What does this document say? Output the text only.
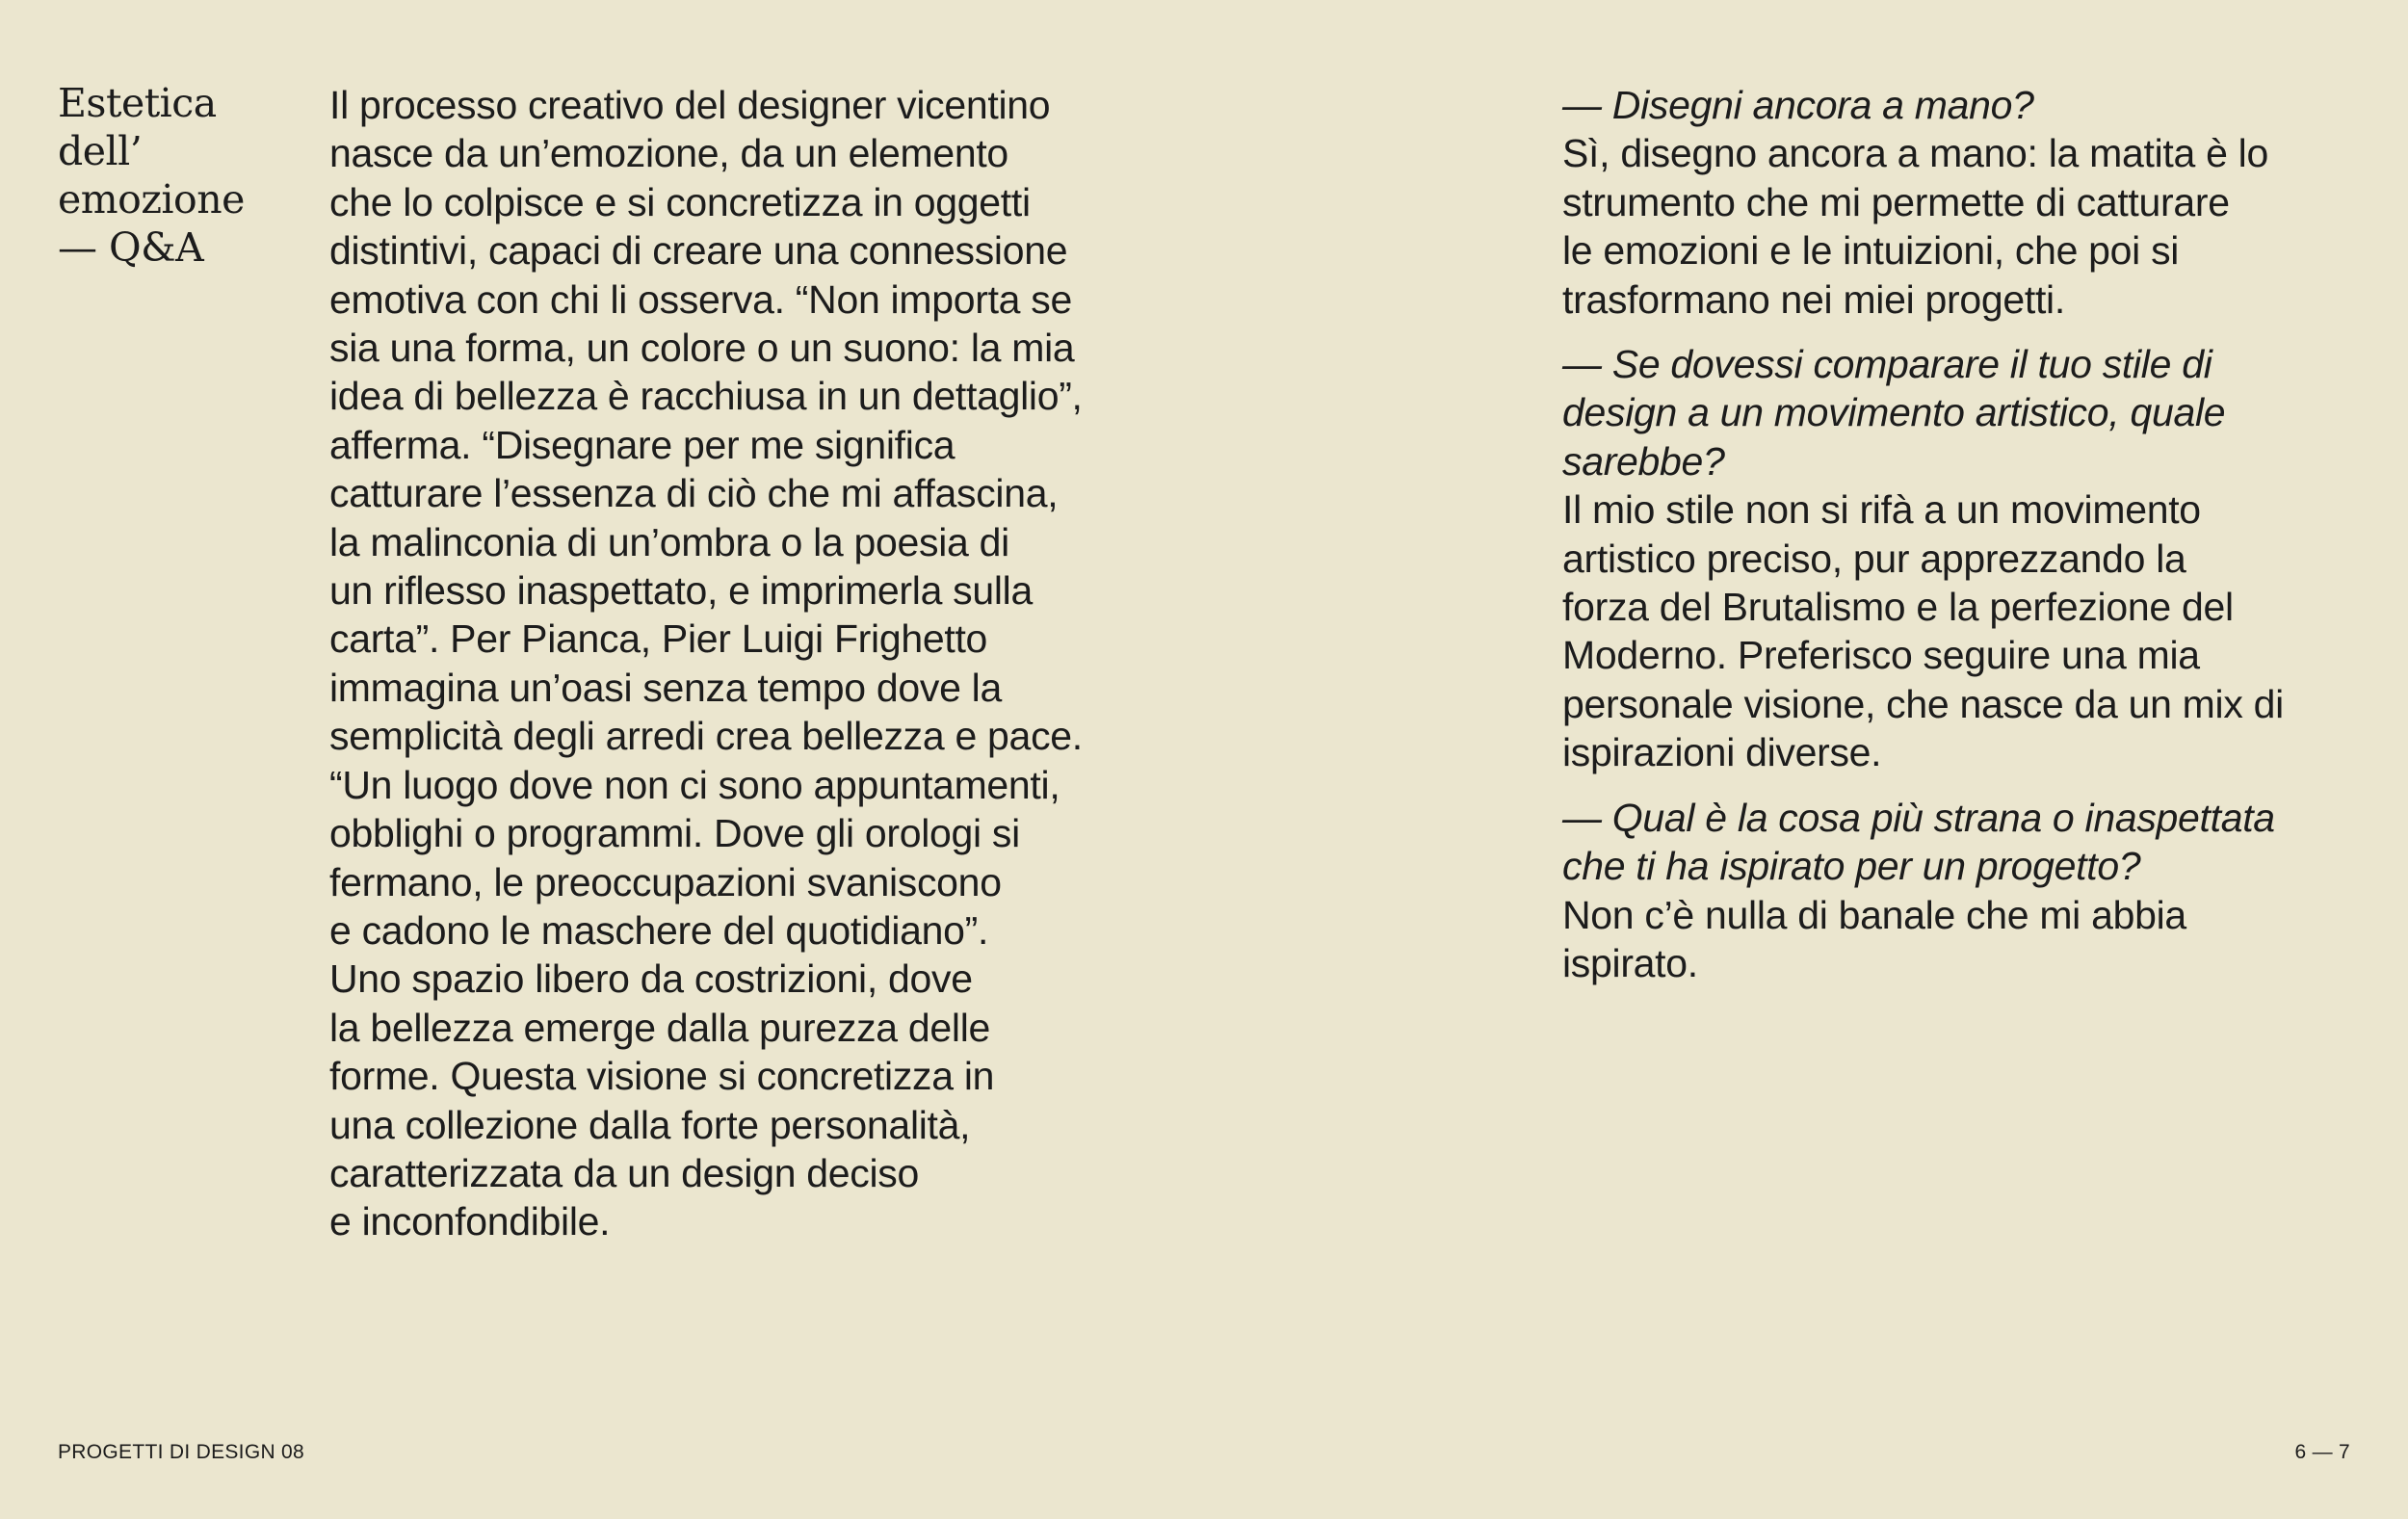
Estetica
dell’
emozione
— Q&A
Il processo creativo del designer vicentino
nasce da un’emozione, da un elemento
che lo colpisce e si concretizza in oggetti
distintivi, capaci di creare una connessione
emotiva con chi li osserva. “Non importa se
sia una forma, un colore o un suono: la mia
idea di bellezza è racchiusa in un dettaglio”,
afferma. “Disegnare per me significa
catturare l’essenza di ciò che mi affascina,
la malinconia di un’ombra o la poesia di
un riflesso inaspettato, e imprimerla sulla
carta”. Per Pianca, Pier Luigi Frighetto
immagina un’oasi senza tempo dove la
semplicità degli arredi crea bellezza e pace.
“Un luogo dove non ci sono appuntamenti,
obblighi o programmi. Dove gli orologi si
fermano, le preoccupazioni svaniscono
e cadono le maschere del quotidiano”.
Uno spazio libero da costrizioni, dove
la bellezza emerge dalla purezza delle
forme. Questa visione si concretizza in
una collezione dalla forte personalità,
caratterizzata da un design deciso
e inconfondibile.
— Disegni ancora a mano?
Sì, disegno ancora a mano: la matita è lo
strumento che mi permette di catturare
le emozioni e le intuizioni, che poi si
trasformano nei miei progetti.
— Se dovessi comparare il tuo stile di
design a un movimento artistico, quale
sarebbe?
Il mio stile non si rifà a un movimento
artistico preciso, pur apprezzando la
forza del Brutalismo e la perfezione del
Moderno. Preferisco seguire una mia
personale visione, che nasce da un mix di
ispirazioni diverse.
— Qual è la cosa più strana o inaspettata
che ti ha ispirato per un progetto?
Non c’è nulla di banale che mi abbia
ispirato.
PROGETTI DI DESIGN 08	6 — 7
